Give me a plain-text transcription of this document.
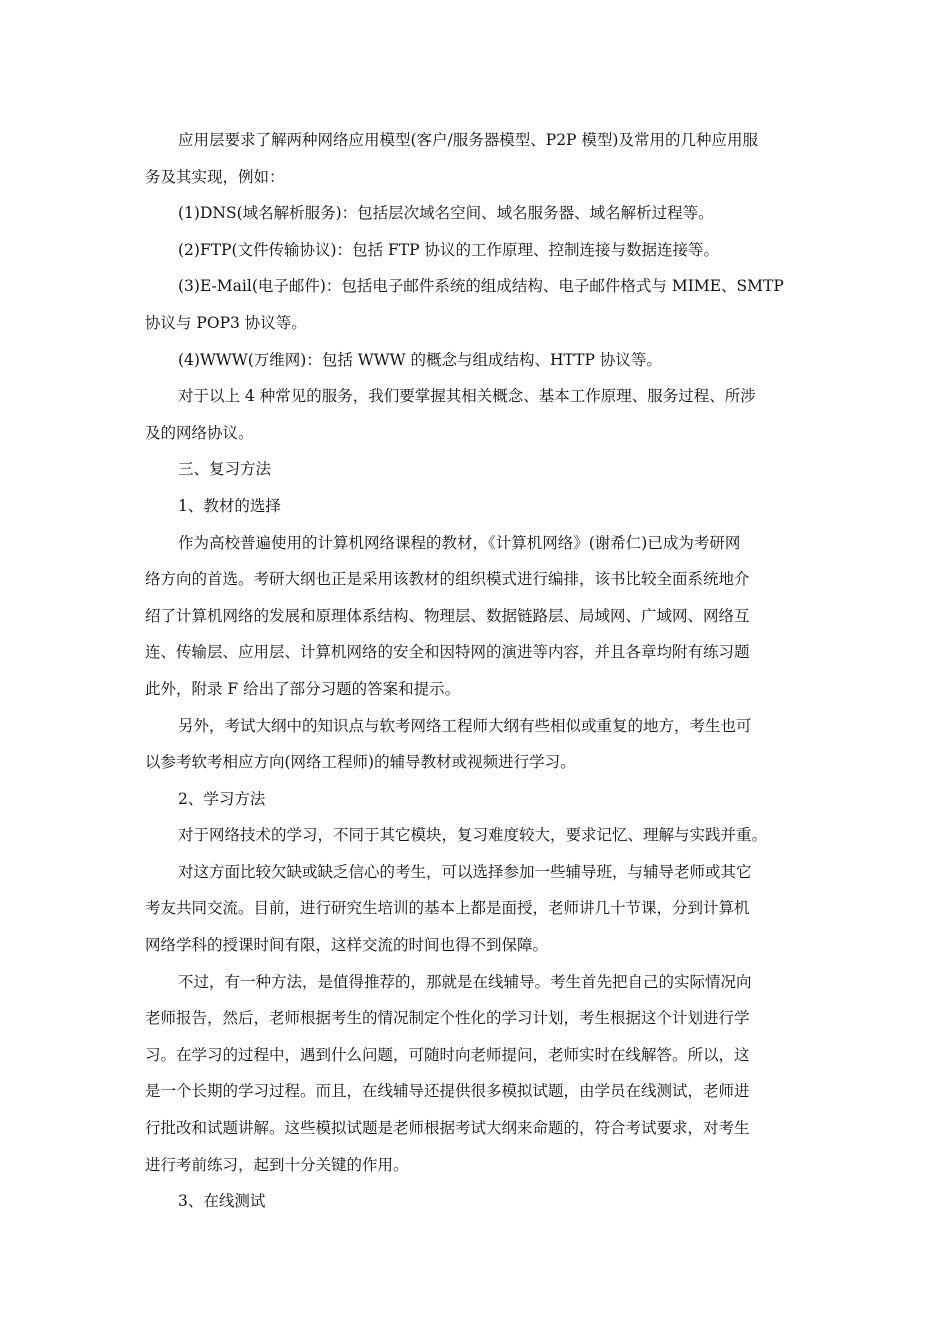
应用层要求了解两种网络应用模型(客户/服务器模型、P2P 模型)及常用的几种应用服
务及其实现，例如：
(1)DNS(域名解析服务)：包括层次域名空间、域名服务器、域名解析过程等。
(2)FTP(文件传输协议)：包括 FTP 协议的工作原理、控制连接与数据连接等。
(3)E-Mail(电子邮件)：包括电子邮件系统的组成结构、电子邮件格式与 MIME、SMTP
协议与 POP3 协议等。
(4)WWW(万维网)：包括 WWW 的概念与组成结构、HTTP 协议等。
对于以上 4 种常见的服务，我们要掌握其相关概念、基本工作原理、服务过程、所涉
及的网络协议。
三、复习方法
1、教材的选择
作为高校普遍使用的计算机网络课程的教材，《计算机网络》(谢希仁)已成为考研网
络方向的首选。考研大纲也正是采用该教材的组织模式进行编排，该书比较全面系统地介
绍了计算机网络的发展和原理体系结构、物理层、数据链路层、局域网、广域网、网络互
连、传输层、应用层、计算机网络的安全和因特网的演进等内容，并且各章均附有练习题
此外，附录 F 给出了部分习题的答案和提示。
另外，考试大纲中的知识点与软考网络工程师大纲有些相似或重复的地方，考生也可
以参考软考相应方向(网络工程师)的辅导教材或视频进行学习。
2、学习方法
对于网络技术的学习，不同于其它模块，复习难度较大，要求记忆、理解与实践并重。
对这方面比较欠缺或缺乏信心的考生，可以选择参加一些辅导班，与辅导老师或其它
考友共同交流。目前，进行研究生培训的基本上都是面授，老师讲几十节课，分到计算机
网络学科的授课时间有限，这样交流的时间也得不到保障。
不过，有一种方法，是值得推荐的，那就是在线辅导。考生首先把自己的实际情况向
老师报告，然后，老师根据考生的情况制定个性化的学习计划，考生根据这个计划进行学
习。在学习的过程中，遇到什么问题，可随时向老师提问，老师实时在线解答。所以，这
是一个长期的学习过程。而且，在线辅导还提供很多模拟试题，由学员在线测试，老师进
行批改和试题讲解。这些模拟试题是老师根据考试大纲来命题的，符合考试要求，对考生
进行考前练习，起到十分关键的作用。
3、在线测试
